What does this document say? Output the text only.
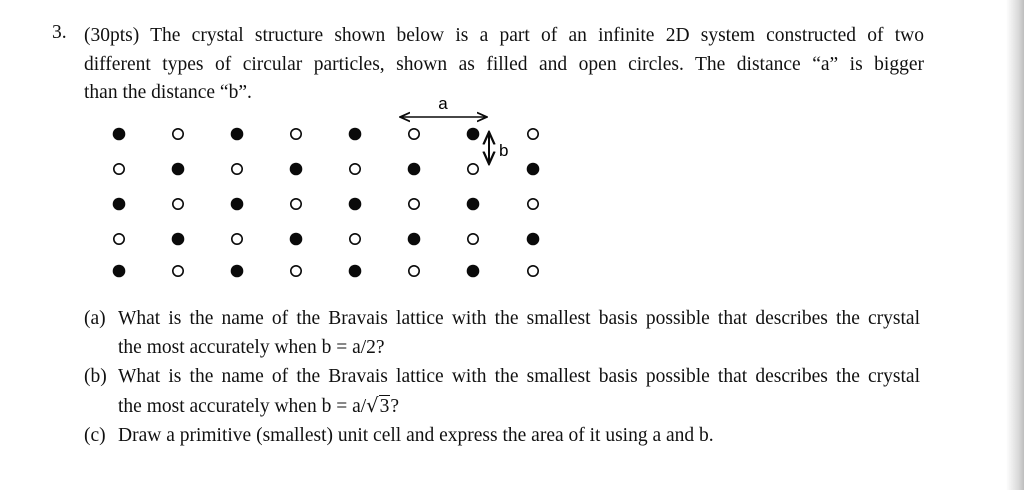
3. (30pts) The crystal structure shown below is a part of an infinite 2D system constructed of two
different types of circular particles, shown as filled and open circles. The distance “a” is bigger
than the distance “b”.
a
b
(a) What is the name of the Bravais lattice with the smallest basis possible that describes the crystal
the most accurately when b = a/2?
(b) What is the name of the Bravais lattice with the smallest basis possible that describes the crystal
the most accurately when b = a/√3?
(c) Draw a primitive (smallest) unit cell and express the area of it using a and b.
